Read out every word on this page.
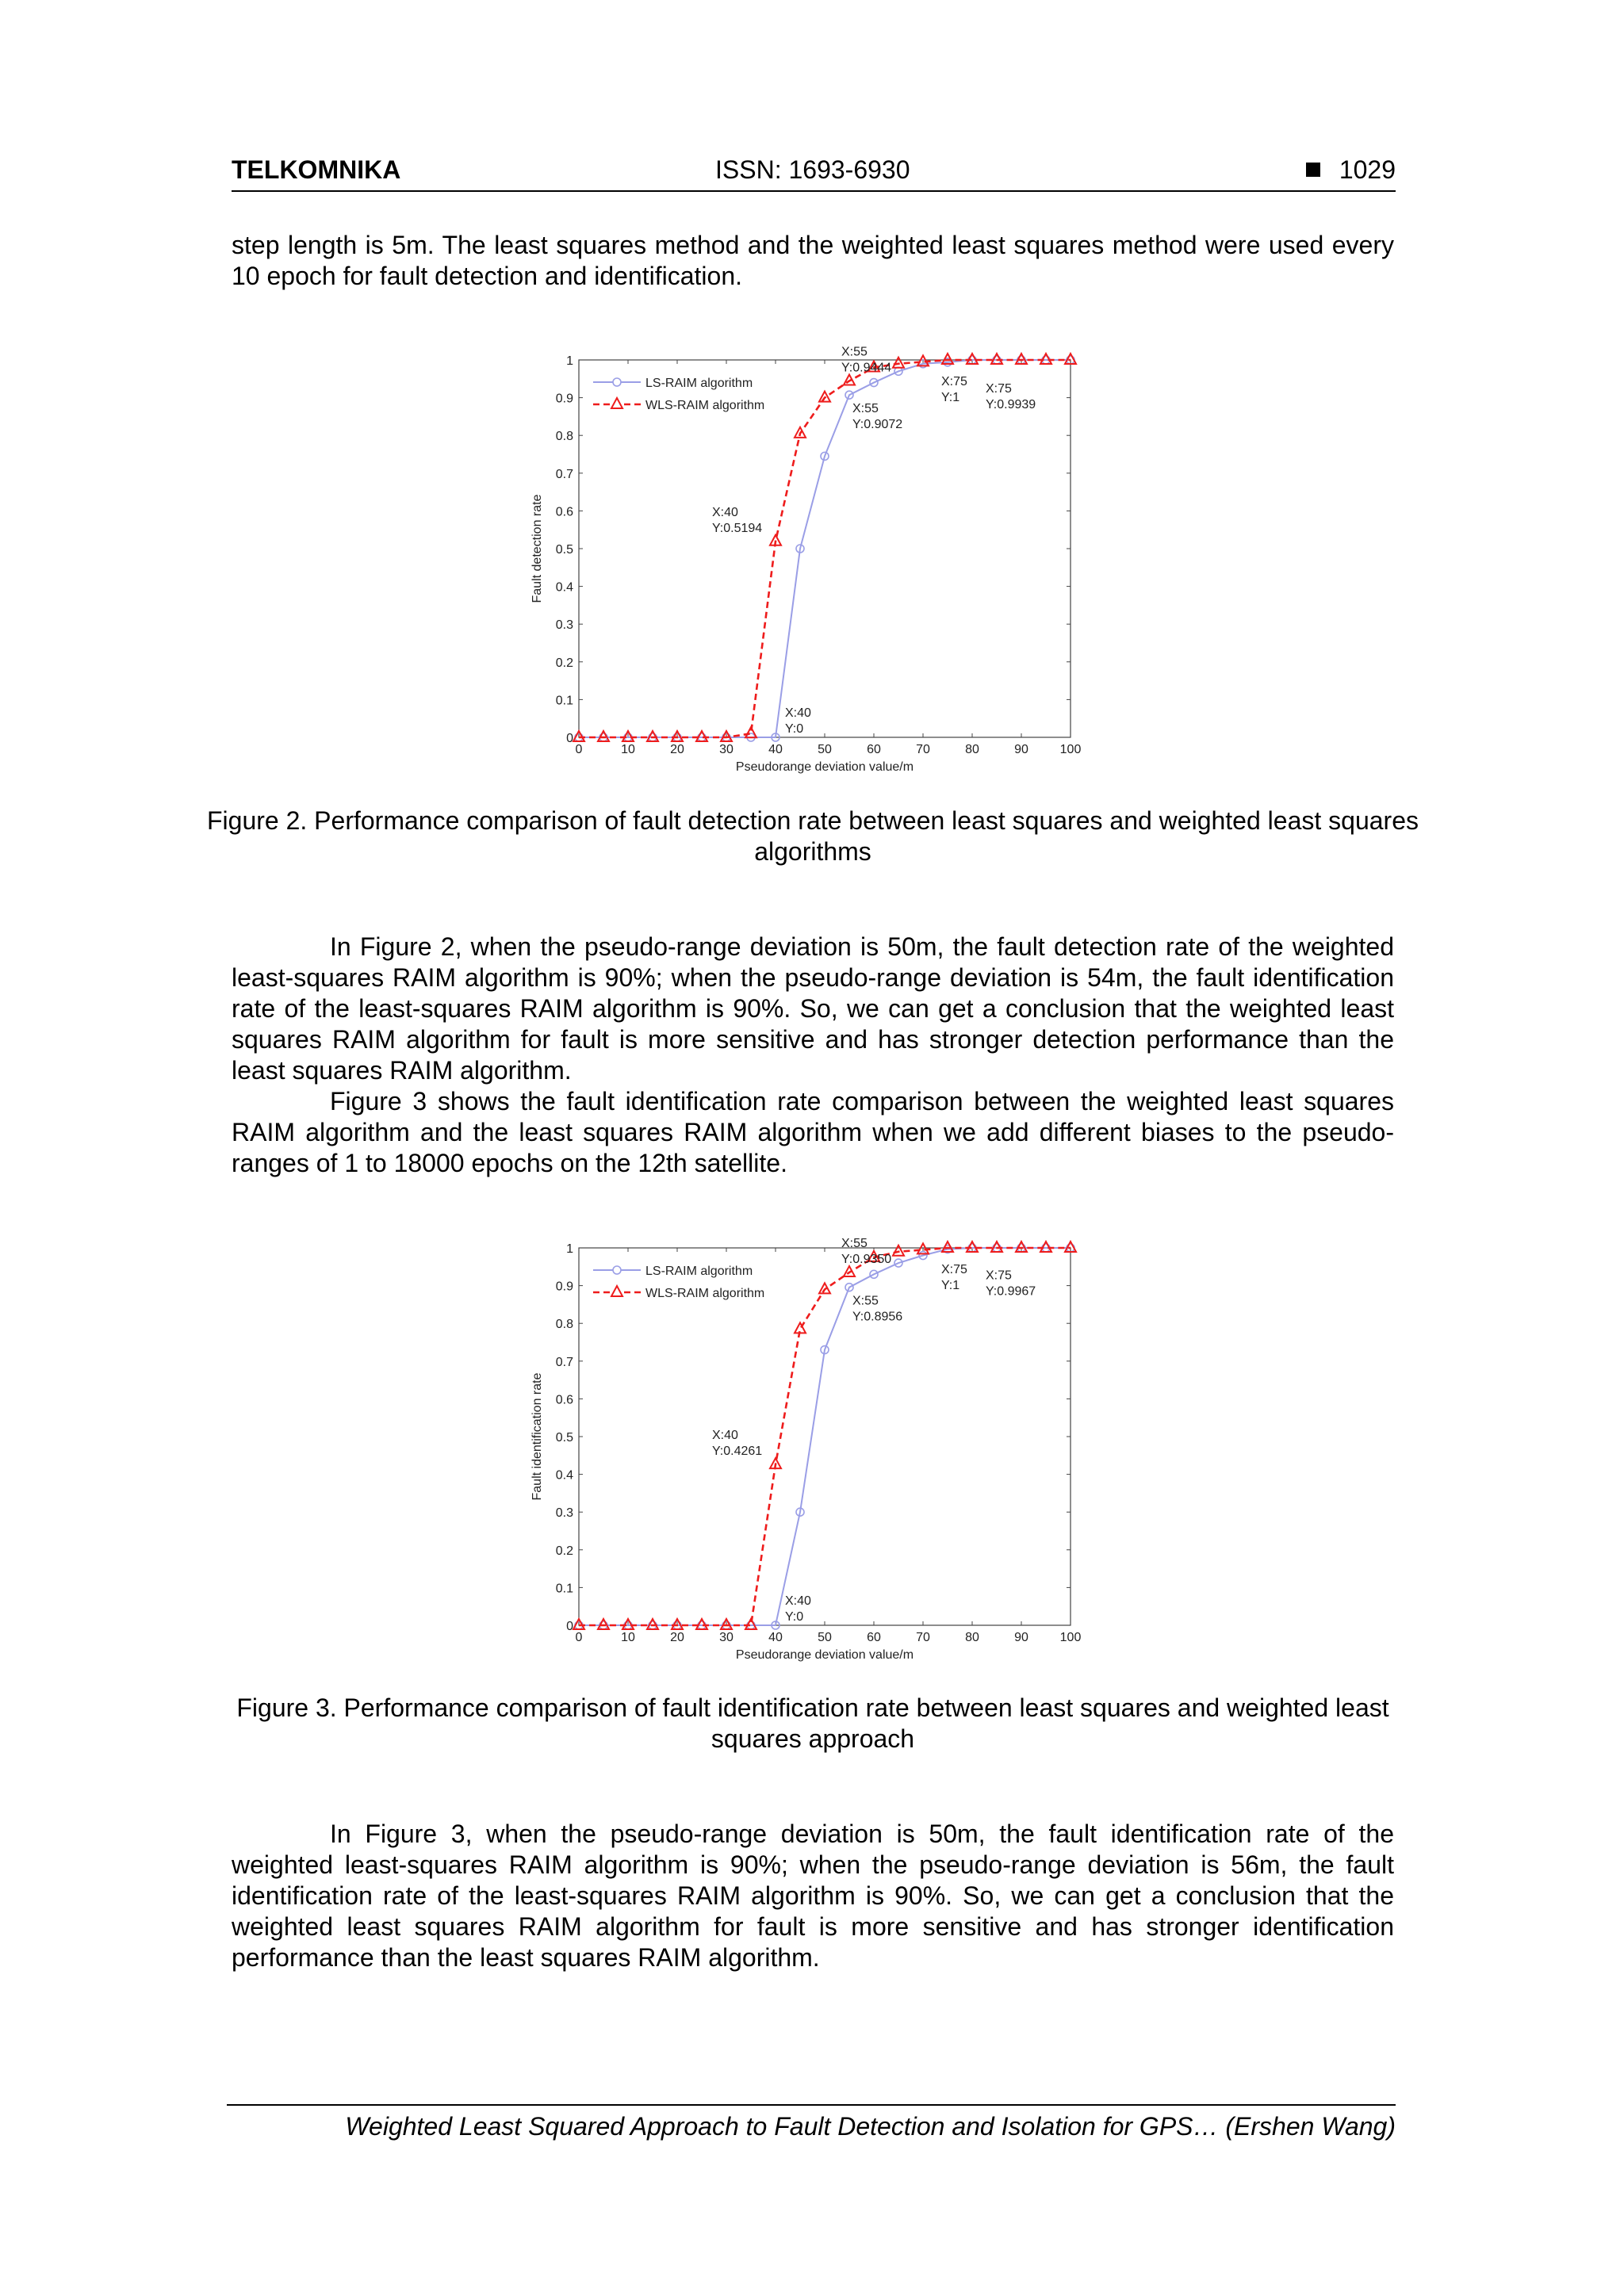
TELKOMNIKA	ISSN: 1693-6930	1029

step length is 5m. The least squares method and the weighted least squares method were used every 10 epoch for fault detection and identification.

0	10	20	30	40	50	60	70	80	90 100
0
0.1
0.2
0.3
0.4
0.5
0.6
0.7
0.8
0.9
1
Pseudorange deviation value/m
Fault detection rate
LS-RAIM algorithm
WLS-RAIM algorithm
X:40
Y:0.5194
X:40
Y:0
X:55
Y:0.9444
X:55
Y:0.9072
X:75
Y:1
X:75
Y:0.9939

Figure 2. Performance comparison of fault detection rate between least squares and weighted least squares algorithms

In Figure 2, when the pseudo-range deviation is 50m, the fault detection rate of the weighted least-squares RAIM algorithm is 90%; when the pseudo-range deviation is 54m, the fault identification rate of the least-squares RAIM algorithm is 90%. So, we can get a conclusion that the weighted least squares RAIM algorithm for fault is more sensitive and has stronger detection performance than the least squares RAIM algorithm.

Figure 3 shows the fault identification rate comparison between the weighted least squares RAIM algorithm and the least squares RAIM algorithm when we add different biases to the pseudo-ranges of 1 to 18000 epochs on the 12th satellite.

0	10	20	30	40	50	60	70	80	90 100
0
0.1
0.2
0.3
0.4
0.5
0.6
0.7
0.8
0.9
1
Pseudorange deviation value/m
Fault identification rate
LS-RAIM algorithm
WLS-RAIM algorithm
X:40
Y:0.4261
X:40
Y:0
X:55
Y:0.9350
X:55
Y:0.8956
X:75
Y:1
X:75
Y:0.9967

Figure 3. Performance comparison of fault identification rate between least squares and weighted least squares approach

In Figure 3, when the pseudo-range deviation is 50m, the fault identification rate of the weighted least-squares RAIM algorithm is 90%; when the pseudo-range deviation is 56m, the fault identification rate of the least-squares RAIM algorithm is 90%. So, we can get a conclusion that the weighted least squares RAIM algorithm for fault is more sensitive and has stronger identification performance than the least squares RAIM algorithm.

Weighted Least Squared Approach to Fault Detection and Isolation for GPS… (Ershen Wang)
